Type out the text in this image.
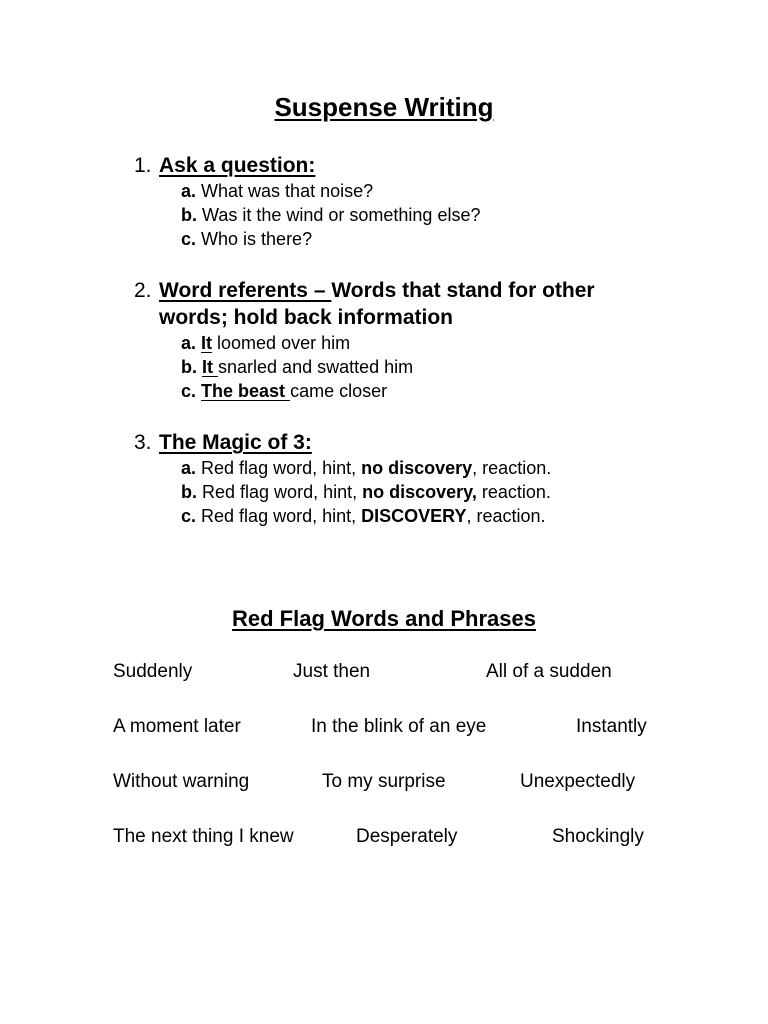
Suspense Writing
1. Ask a question:
a. What was that noise?
b. Was it the wind or something else?
c. Who is there?
2. Word referents – Words that stand for other words; hold back information
a. It loomed over him
b. It snarled and swatted him
c. The beast came closer
3. The Magic of 3:
a. Red flag word, hint, no discovery, reaction.
b. Red flag word, hint, no discovery, reaction.
c. Red flag word, hint, DISCOVERY, reaction.
Red Flag Words and Phrases
Suddenly	Just then	All of a sudden
A moment later	In the blink of an eye	Instantly
Without warning	To my surprise	Unexpectedly
The next thing I knew	Desperately	Shockingly
